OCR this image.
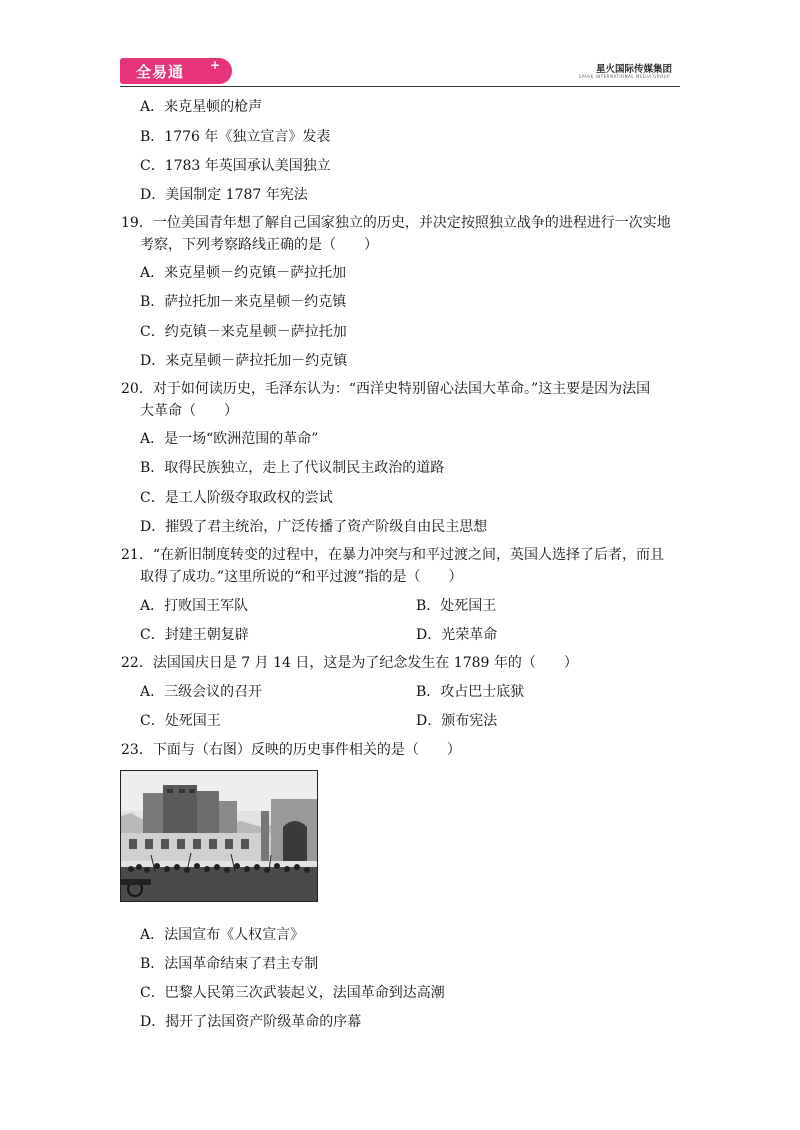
全易通 +	星火国际传媒集团
SPARK INTERNATIONAL MEDIA GROUP
A．来克星顿的枪声
B．1776 年《独立宣言》发表
C．1783 年英国承认美国独立
D．美国制定 1787 年宪法
19．一位美国青年想了解自己国家独立的历史，并决定按照独立战争的进程进行一次实地
考察，下列考察路线正确的是（　　）
A．来克星顿－约克镇－萨拉托加
B．萨拉托加－来克星顿－约克镇
C．约克镇－来克星顿－萨拉托加
D．来克星顿－萨拉托加－约克镇
20．对于如何读历史，毛泽东认为：“西洋史特别留心法国大革命。”这主要是因为法国
大革命（　　）
A．是一场“欧洲范围的革命”
B．取得民族独立，走上了代议制民主政治的道路
C．是工人阶级夺取政权的尝试
D．摧毁了君主统治，广泛传播了资产阶级自由民主思想
21．“在新旧制度转变的过程中，在暴力冲突与和平过渡之间，英国人选择了后者，而且
取得了成功。”这里所说的“和平过渡”指的是（　　）
A．打败国王军队	B．处死国王
C．封建王朝复辟	D．光荣革命
22．法国国庆日是 7 月 14 日，这是为了纪念发生在 1789 年的（　　）
A．三级会议的召开	B．攻占巴士底狱
C．处死国王	D．颁布宪法
23．下面与（右图）反映的历史事件相关的是（　　）
A．法国宣布《人权宣言》
B．法国革命结束了君主专制
C．巴黎人民第三次武装起义，法国革命到达高潮
D．揭开了法国资产阶级革命的序幕
